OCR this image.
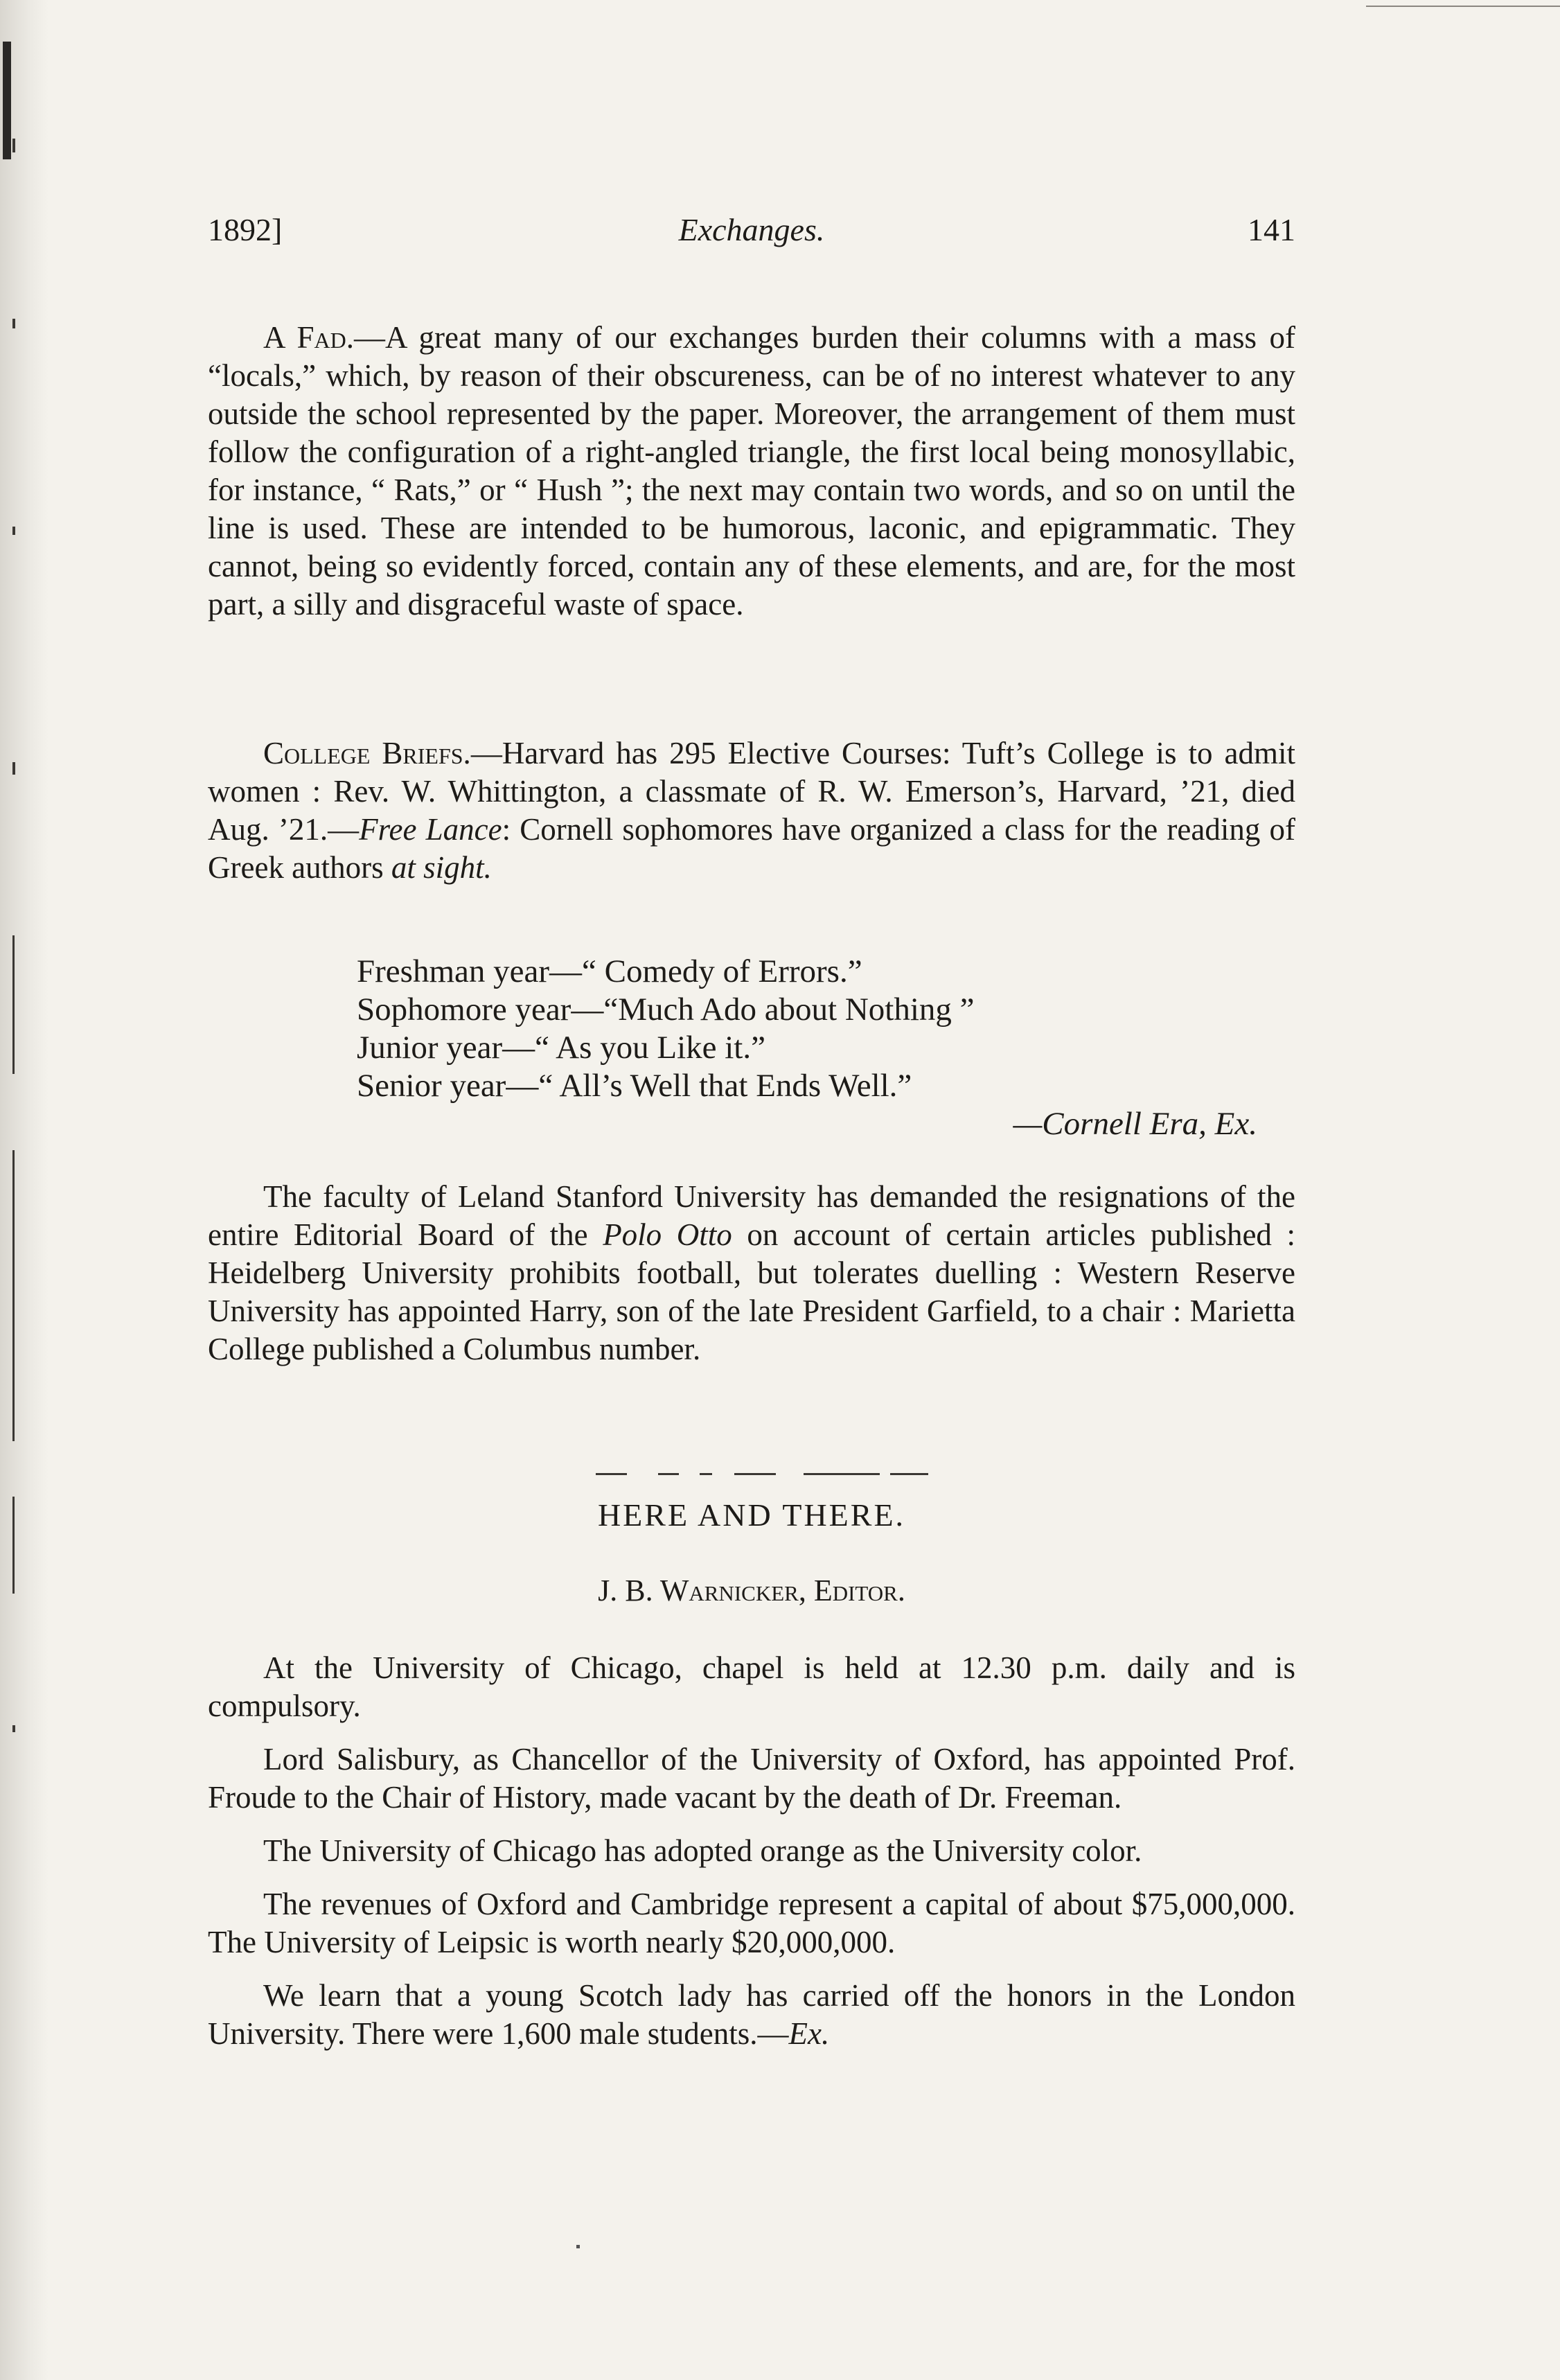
1892]	Exchanges.	141

A Fad.—A great many of our exchanges burden their columns with a mass of “locals,” which, by reason of their obscureness, can be of no interest whatever to any outside the school represented by the paper. Moreover, the arrangement of them must follow the configuration of a right-angled triangle, the first local being monosyllabic, for instance, “ Rats,” or “ Hush ”; the next may contain two words, and so on until the line is used. These are intended to be humorous, laconic, and epigrammatic. They cannot, being so evidently forced, contain any of these elements, and are, for the most part, a silly and disgraceful waste of space.

College Briefs.—Harvard has 295 Elective Courses: Tuft’s College is to admit women : Rev. W. Whittington, a classmate of R. W. Emerson’s, Harvard, ’21, died Aug. ’21.—Free Lance: Cornell sophomores have organized a class for the reading of Greek authors at sight.

Freshman year—“ Comedy of Errors.”
Sophomore year—“Much Ado about Nothing ”
Junior year—“ As you Like it.”
Senior year—“ All’s Well that Ends Well.”
—Cornell Era, Ex.

The faculty of Leland Stanford University has demanded the resignations of the entire Editorial Board of the Polo Otto on account of certain articles published : Heidelberg University prohibits football, but tolerates duelling : Western Reserve University has appointed Harry, son of the late President Garfield, to a chair : Marietta College published a Columbus number.

HERE AND THERE.
J. B. Warnicker, Editor.

At the University of Chicago, chapel is held at 12.30 p.m. daily and is compulsory.

Lord Salisbury, as Chancellor of the University of Oxford, has appointed Prof. Froude to the Chair of History, made vacant by the death of Dr. Freeman.

The University of Chicago has adopted orange as the University color.

The revenues of Oxford and Cambridge represent a capital of about $75,000,000. The University of Leipsic is worth nearly $20,000,000.

We learn that a young Scotch lady has carried off the honors in the London University. There were 1,600 male students.—Ex.
